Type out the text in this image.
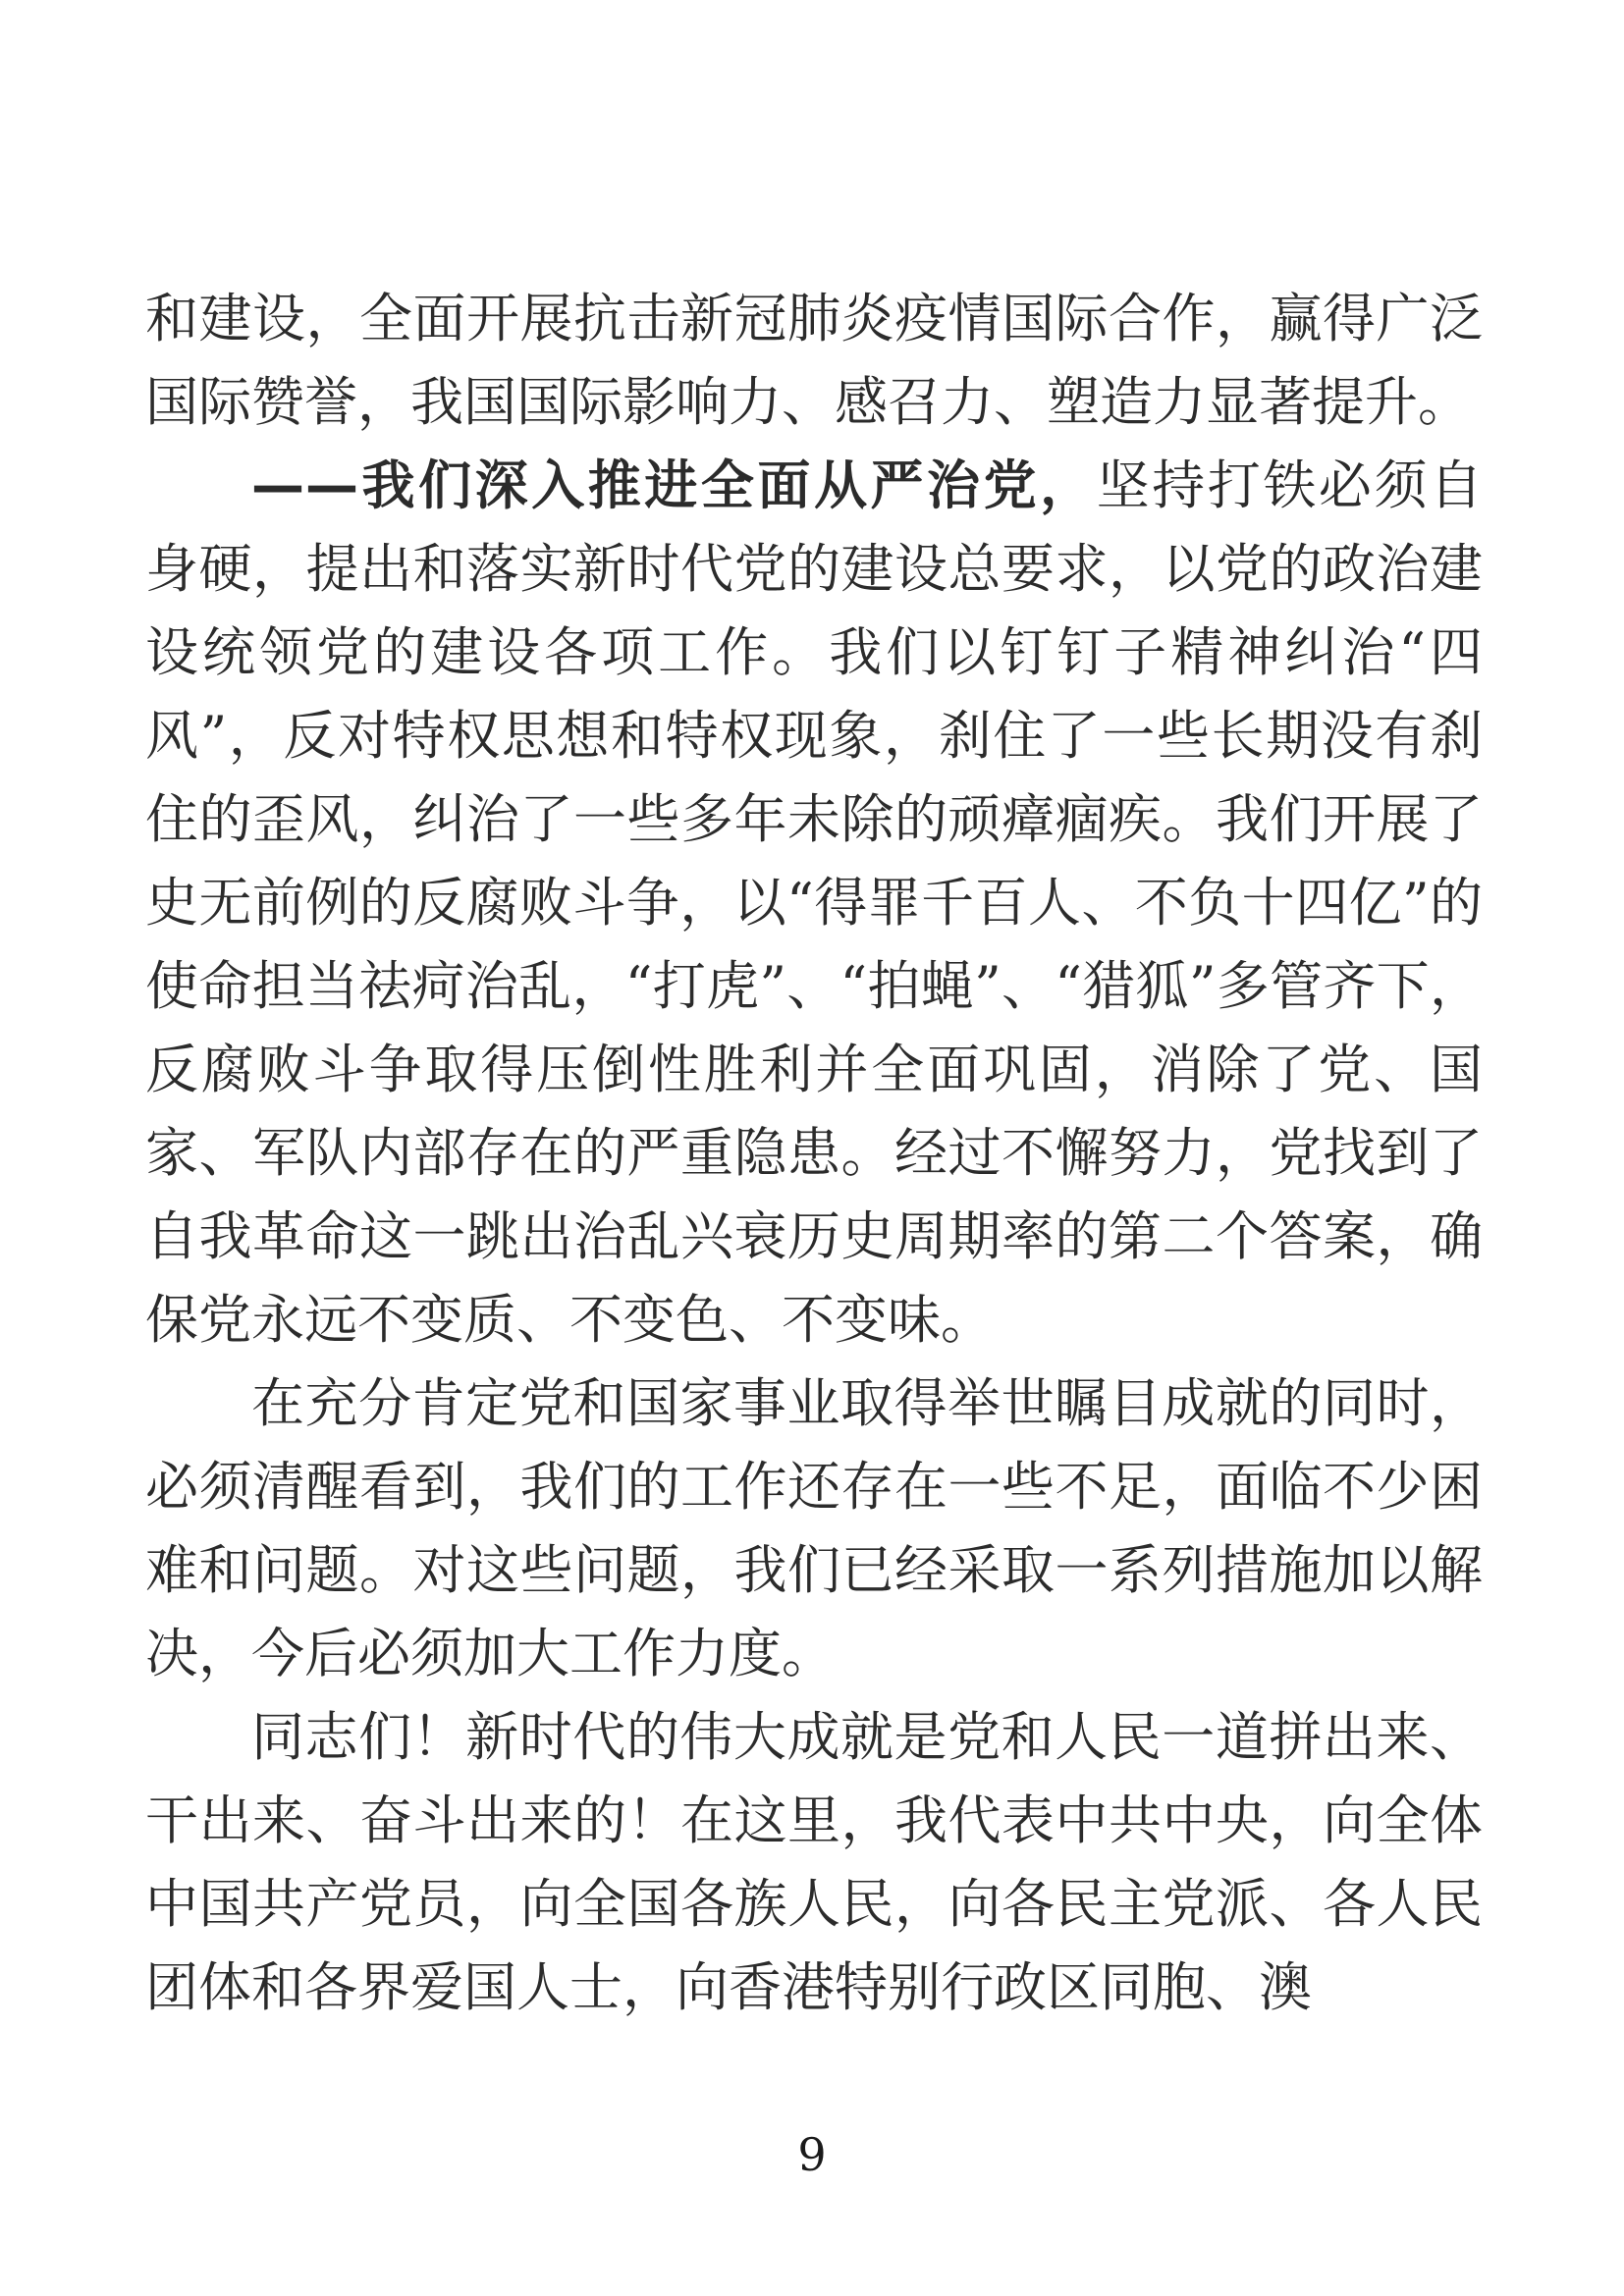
和建设，全面开展抗击新冠肺炎疫情国际合作，赢得广泛国际赞誉，我国国际影响力、感召力、塑造力显著提升。

——我们深入推进全面从严治党，坚持打铁必须自身硬，提出和落实新时代党的建设总要求，以党的政治建设统领党的建设各项工作。我们以钉钉子精神纠治“四风”，反对特权思想和特权现象，刹住了一些长期没有刹住的歪风，纠治了一些多年未除的顽瘴痼疾。我们开展了史无前例的反腐败斗争，以“得罪千百人、不负十四亿”的使命担当祛疴治乱，“打虎”、“拍蝇”、“猎狐”多管齐下，反腐败斗争取得压倒性胜利并全面巩固，消除了党、国家、军队内部存在的严重隐患。经过不懈努力，党找到了自我革命这一跳出治乱兴衰历史周期率的第二个答案，确保党永远不变质、不变色、不变味。

在充分肯定党和国家事业取得举世瞩目成就的同时，必须清醒看到，我们的工作还存在一些不足，面临不少困难和问题。对这些问题，我们已经采取一系列措施加以解决，今后必须加大工作力度。

同志们！新时代的伟大成就是党和人民一道拼出来、干出来、奋斗出来的！在这里，我代表中共中央，向全体中国共产党员，向全国各族人民，向各民主党派、各人民团体和各界爱国人士，向香港特别行政区同胞、澳

9
